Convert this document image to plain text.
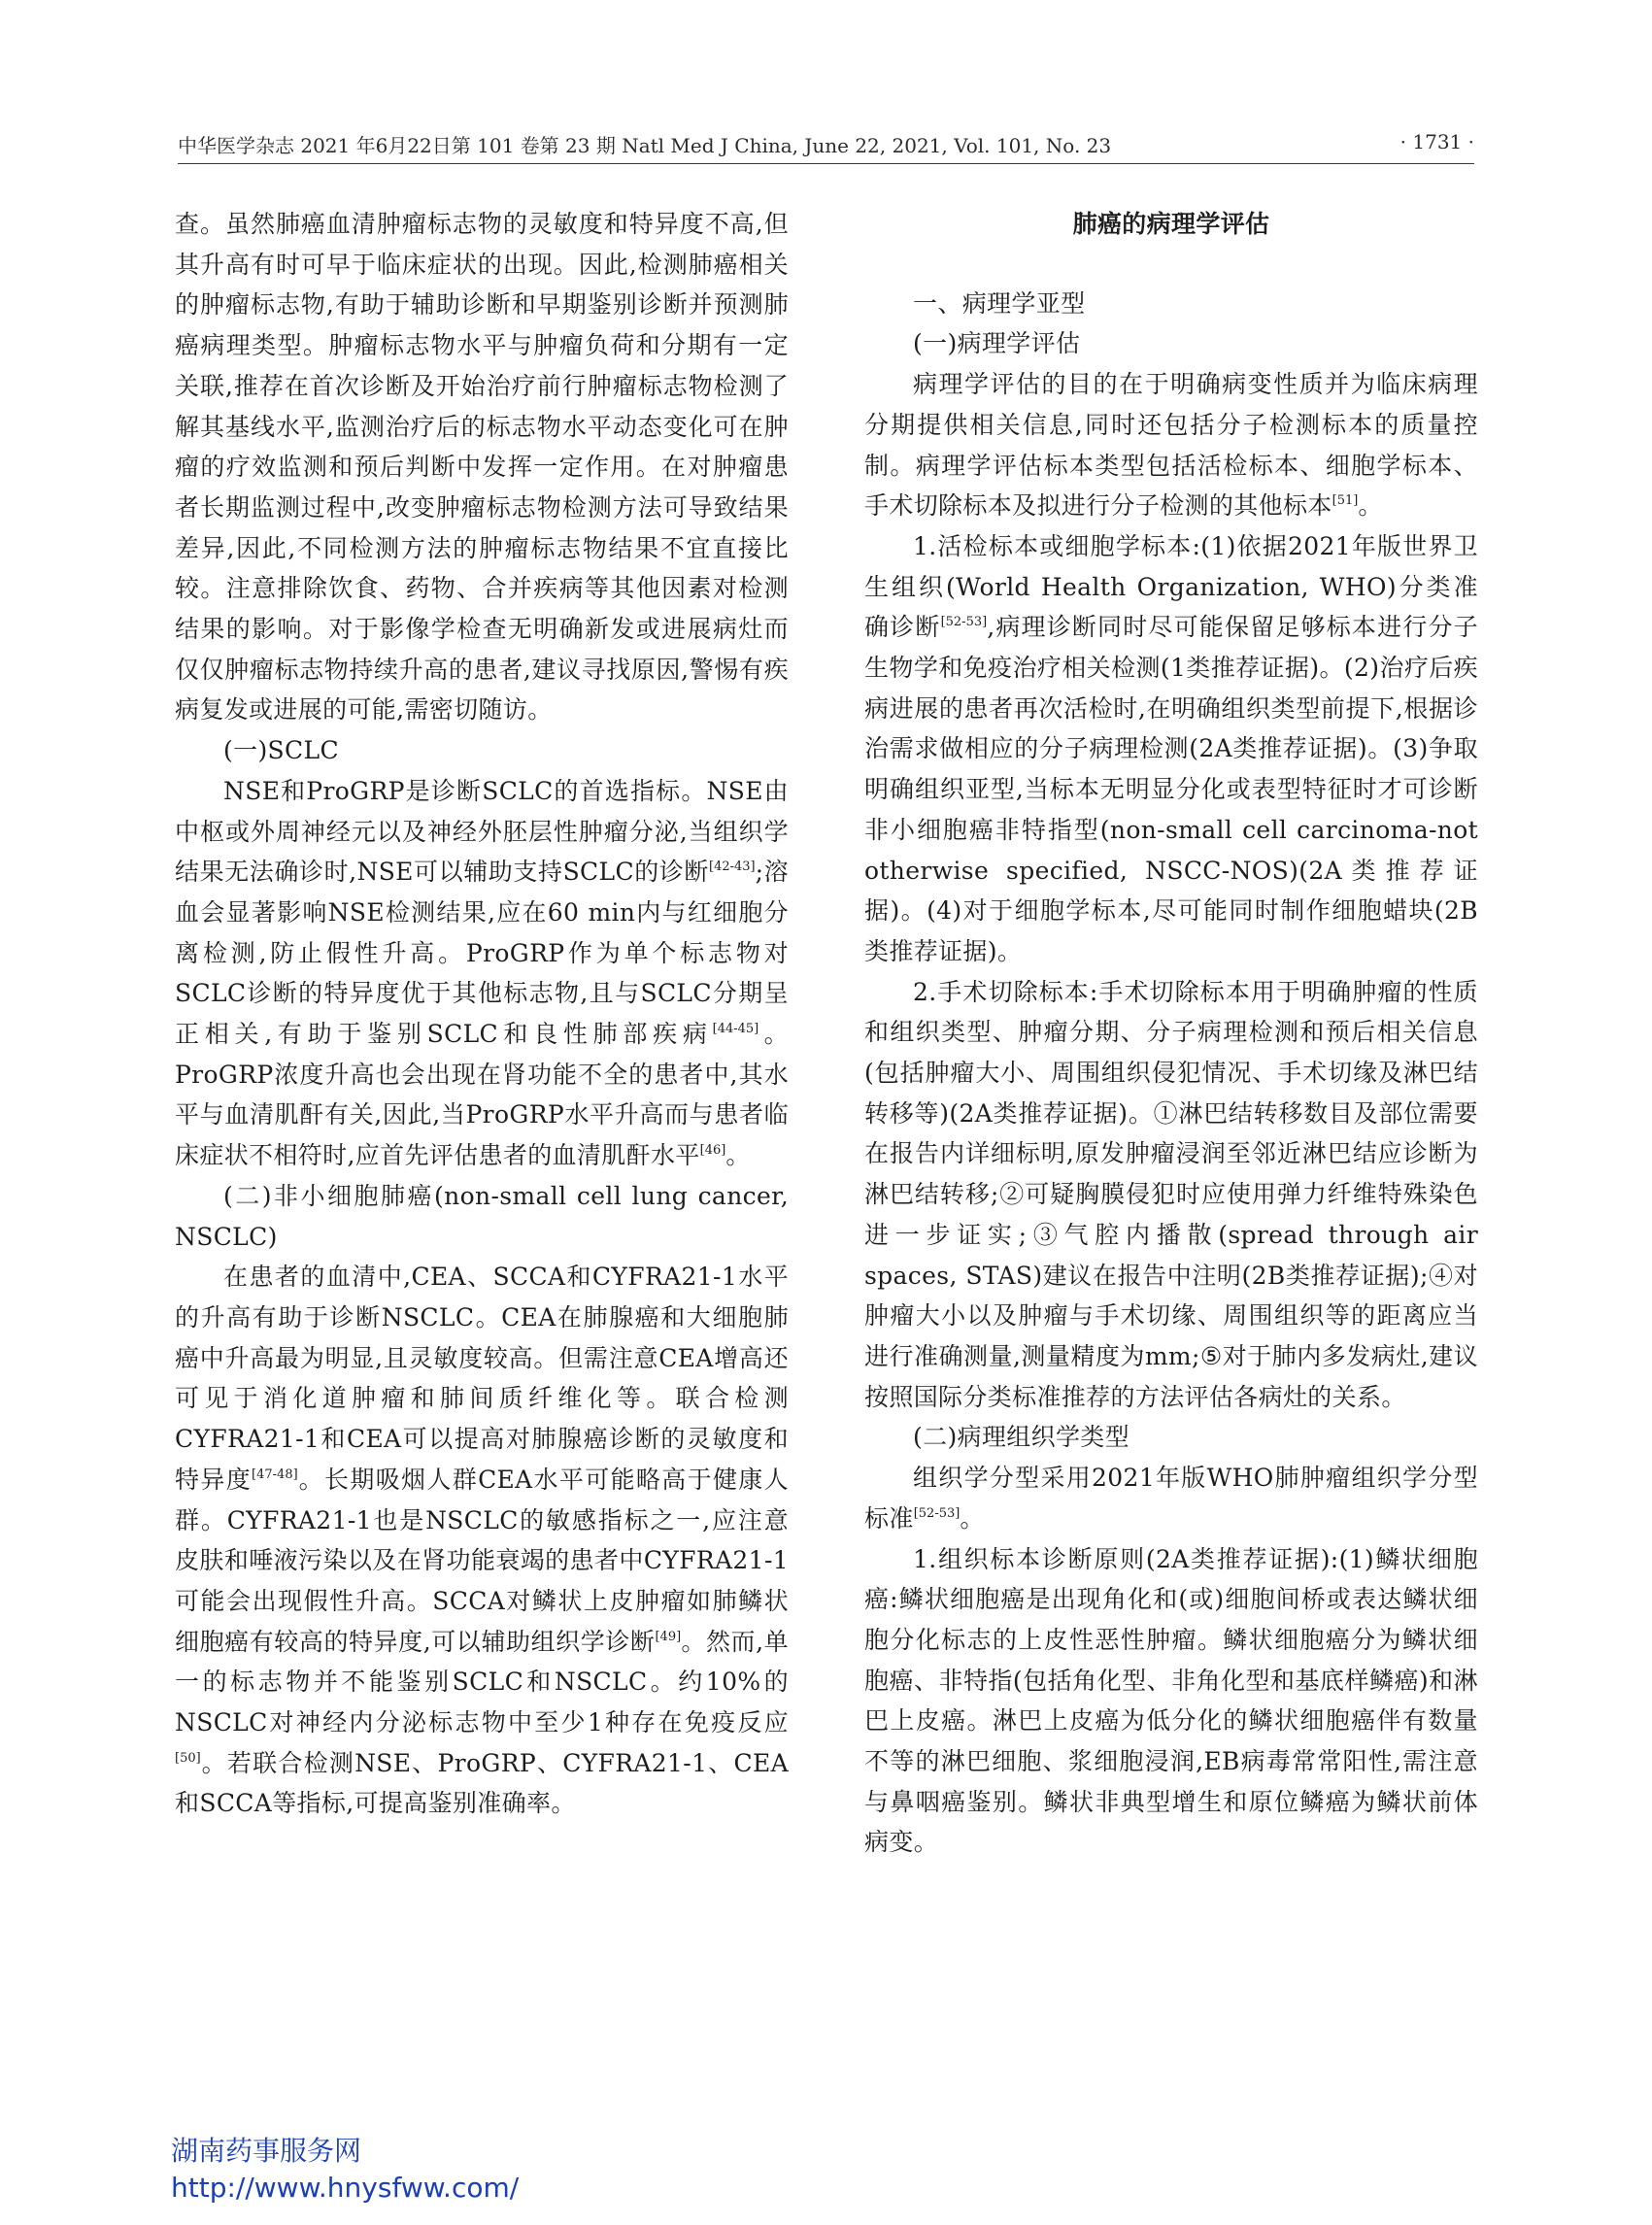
中华医学杂志 2021 年6月22日第 101 卷第 23 期 Natl Med J China, June 22, 2021, Vol. 101, No. 23	· 1731 ·

查。虽然肺癌血清肿瘤标志物的灵敏度和特异度不高,但其升高有时可早于临床症状的出现。因此,检测肺癌相关的肿瘤标志物,有助于辅助诊断和早期鉴别诊断并预测肺癌病理类型。肿瘤标志物水平与肿瘤负荷和分期有一定关联,推荐在首次诊断及开始治疗前行肿瘤标志物检测了解其基线水平,监测治疗后的标志物水平动态变化可在肿瘤的疗效监测和预后判断中发挥一定作用。在对肿瘤患者长期监测过程中,改变肿瘤标志物检测方法可导致结果差异,因此,不同检测方法的肿瘤标志物结果不宜直接比较。注意排除饮食、药物、合并疾病等其他因素对检测结果的影响。对于影像学检查无明确新发或进展病灶而仅仅肿瘤标志物持续升高的患者,建议寻找原因,警惕有疾病复发或进展的可能,需密切随访。

(一)SCLC

NSE和ProGRP是诊断SCLC的首选指标。NSE由中枢或外周神经元以及神经外胚层性肿瘤分泌,当组织学结果无法确诊时,NSE可以辅助支持SCLC的诊断[42-43];溶血会显著影响NSE检测结果,应在60 min内与红细胞分离检测,防止假性升高。ProGRP作为单个标志物对SCLC诊断的特异度优于其他标志物,且与SCLC分期呈正相关,有助于鉴别SCLC和良性肺部疾病[44-45]。ProGRP浓度升高也会出现在肾功能不全的患者中,其水平与血清肌酐有关,因此,当ProGRP水平升高而与患者临床症状不相符时,应首先评估患者的血清肌酐水平[46]。

(二)非小细胞肺癌(non-small cell lung cancer, NSCLC)

在患者的血清中,CEA、SCCA和CYFRA21-1水平的升高有助于诊断NSCLC。CEA在肺腺癌和大细胞肺癌中升高最为明显,且灵敏度较高。但需注意CEA增高还可见于消化道肿瘤和肺间质纤维化等。联合检测CYFRA21-1和CEA可以提高对肺腺癌诊断的灵敏度和特异度[47-48]。长期吸烟人群CEA水平可能略高于健康人群。CYFRA21-1也是NSCLC的敏感指标之一,应注意皮肤和唾液污染以及在肾功能衰竭的患者中CYFRA21-1可能会出现假性升高。SCCA对鳞状上皮肿瘤如肺鳞状细胞癌有较高的特异度,可以辅助组织学诊断[49]。然而,单一的标志物并不能鉴别SCLC和NSCLC。约10%的NSCLC对神经内分泌标志物中至少1种存在免疫反应[50]。若联合检测NSE、ProGRP、CYFRA21-1、CEA和SCCA等指标,可提高鉴别准确率。

肺癌的病理学评估

一、病理学亚型

(一)病理学评估

病理学评估的目的在于明确病变性质并为临床病理分期提供相关信息,同时还包括分子检测标本的质量控制。病理学评估标本类型包括活检标本、细胞学标本、手术切除标本及拟进行分子检测的其他标本[51]。

1.活检标本或细胞学标本:(1)依据2021年版世界卫生组织(World Health Organization, WHO)分类准确诊断[52-53],病理诊断同时尽可能保留足够标本进行分子生物学和免疫治疗相关检测(1类推荐证据)。(2)治疗后疾病进展的患者再次活检时,在明确组织类型前提下,根据诊治需求做相应的分子病理检测(2A类推荐证据)。(3)争取明确组织亚型,当标本无明显分化或表型特征时才可诊断非小细胞癌非特指型(non-small cell carcinoma-not otherwise specified, NSCC-NOS)(2A类推荐证据)。(4)对于细胞学标本,尽可能同时制作细胞蜡块(2B类推荐证据)。

2.手术切除标本:手术切除标本用于明确肿瘤的性质和组织类型、肿瘤分期、分子病理检测和预后相关信息(包括肿瘤大小、周围组织侵犯情况、手术切缘及淋巴结转移等)(2A类推荐证据)。①淋巴结转移数目及部位需要在报告内详细标明,原发肿瘤浸润至邻近淋巴结应诊断为淋巴结转移;②可疑胸膜侵犯时应使用弹力纤维特殊染色进一步证实;③气腔内播散(spread through air spaces, STAS)建议在报告中注明(2B类推荐证据);④对肿瘤大小以及肿瘤与手术切缘、周围组织等的距离应当进行准确测量,测量精度为mm;⑤对于肺内多发病灶,建议按照国际分类标准推荐的方法评估各病灶的关系。

(二)病理组织学类型

组织学分型采用2021年版WHO肺肿瘤组织学分型标准[52-53]。

1.组织标本诊断原则(2A类推荐证据):(1)鳞状细胞癌:鳞状细胞癌是出现角化和(或)细胞间桥或表达鳞状细胞分化标志的上皮性恶性肿瘤。鳞状细胞癌分为鳞状细胞癌、非特指(包括角化型、非角化型和基底样鳞癌)和淋巴上皮癌。淋巴上皮癌为低分化的鳞状细胞癌伴有数量不等的淋巴细胞、浆细胞浸润,EB病毒常常阳性,需注意与鼻咽癌鉴别。鳞状非典型增生和原位鳞癌为鳞状前体病变。

湖南药事服务网
http://www.hnysfww.com/
